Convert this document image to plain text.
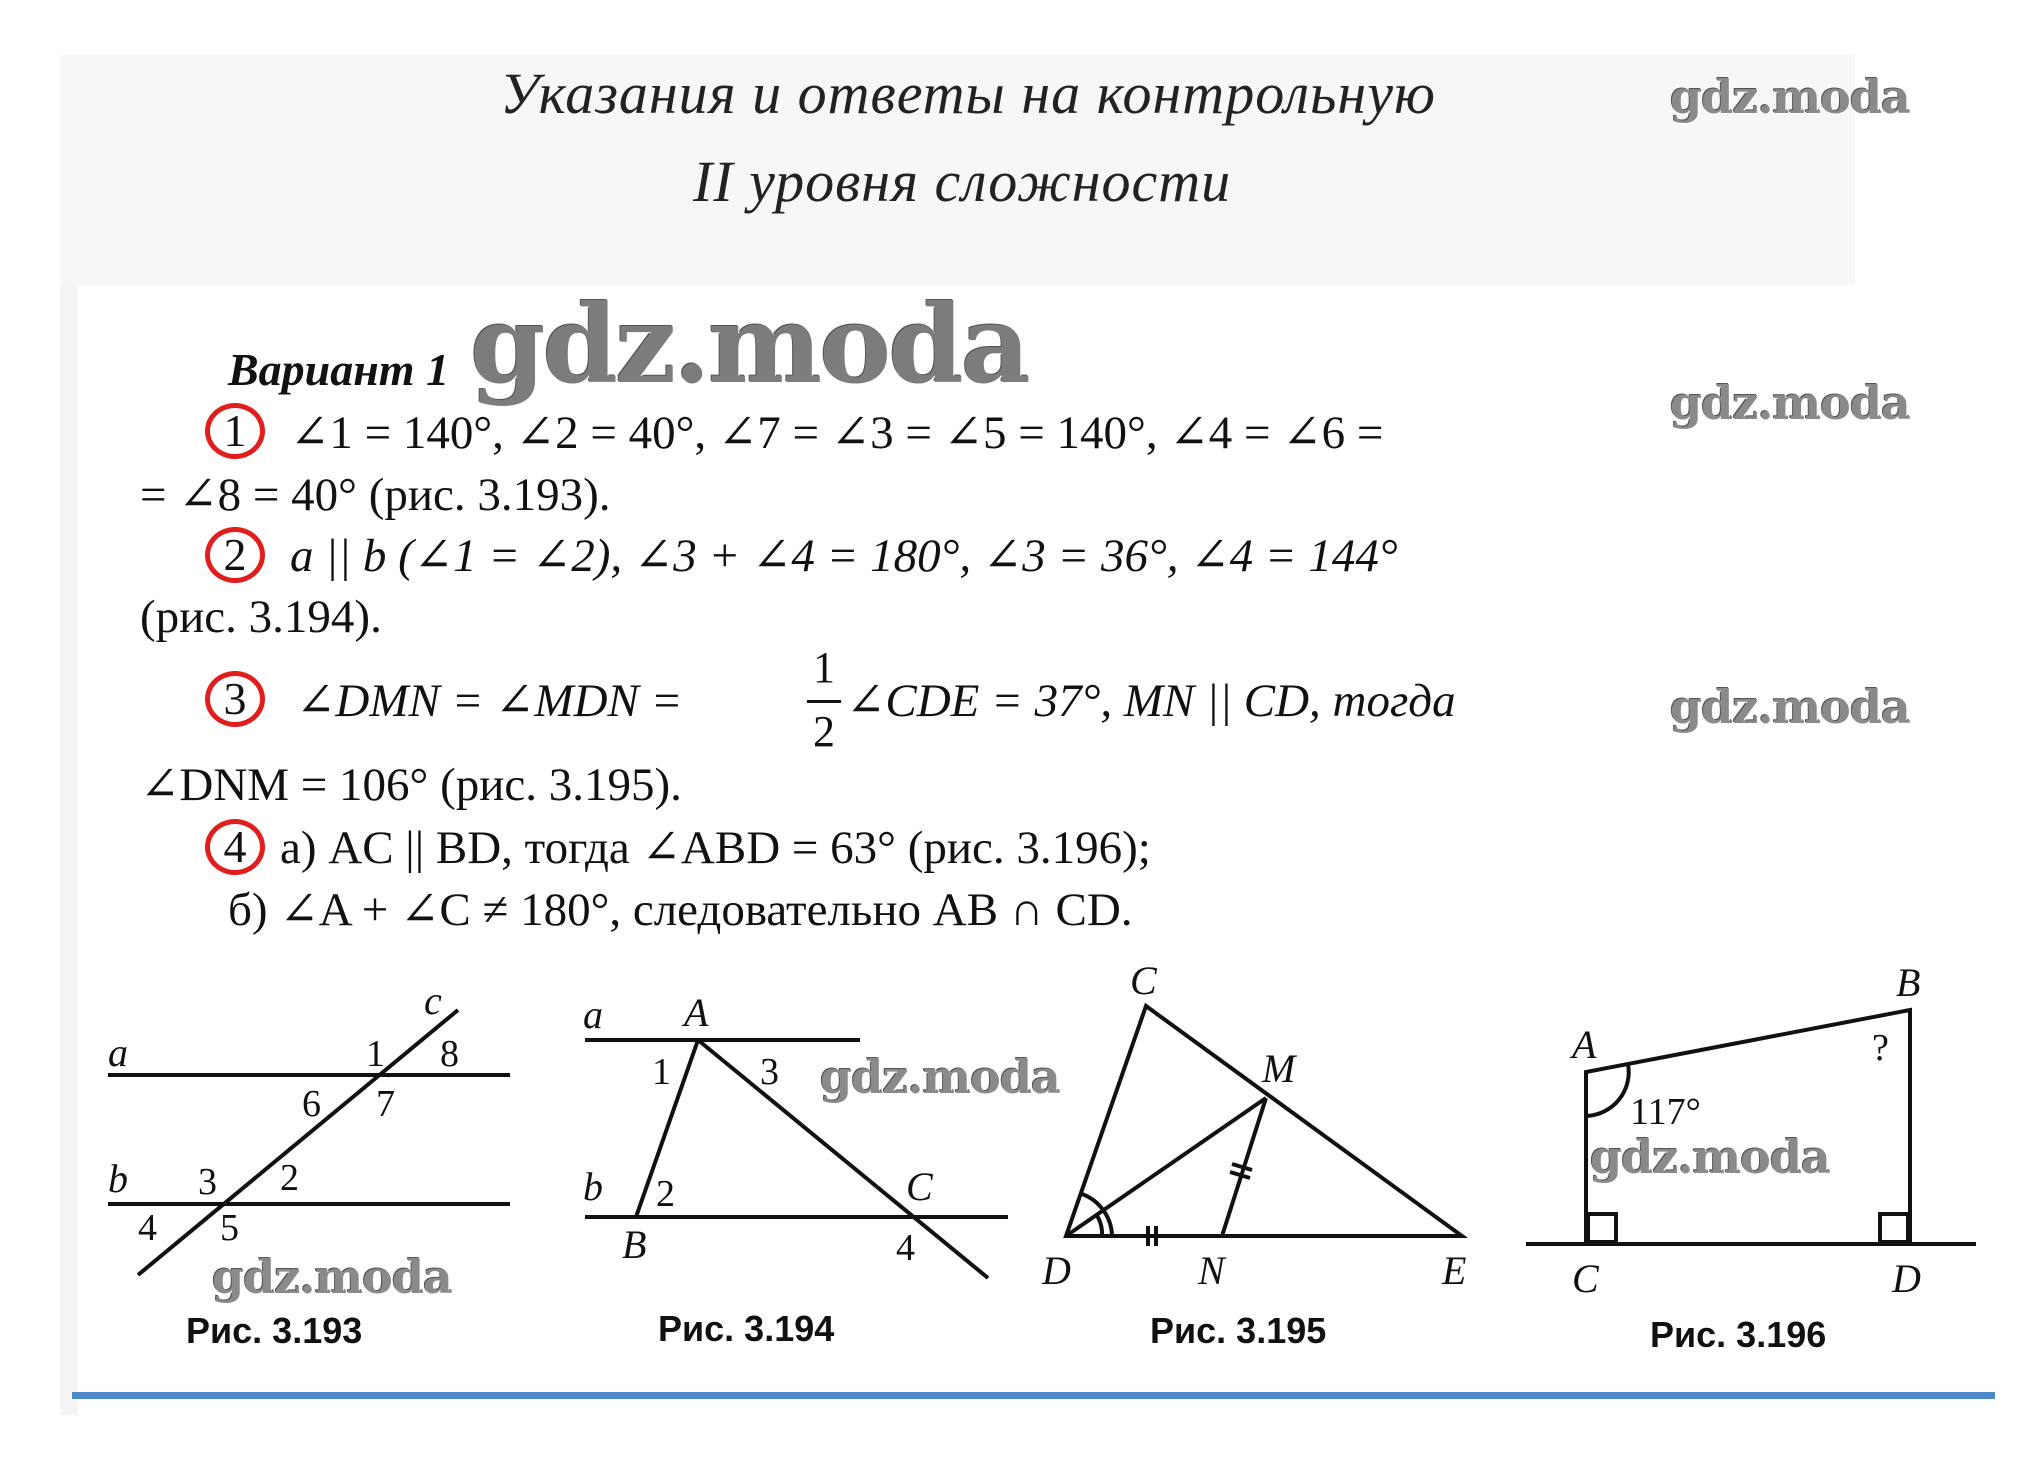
Указания и ответы на контрольную
II уровня сложности
Вариант 1
1 ∠1 = 140°, ∠2 = 40°, ∠7 = ∠3 = ∠5 = 140°, ∠4 = ∠6 =
= ∠8 = 40° (рис. 3.193).
2 a || b (∠1 = ∠2), ∠3 + ∠4 = 180°, ∠3 = 36°, ∠4 = 144°
(рис. 3.194).
3	∠DMN = ∠MDN =
1
2
∠CDE = 37°, MN || CD, тогда
∠DNM = 106° (рис. 3.195).
4 а) AC || BD, тогда ∠ABD = 63° (рис. 3.196);
б) ∠A + ∠C ≠ 180°, следовательно AB ∩ CD.
a
b
c
1 8
6 7
3 2
4 5
a
b
A
B
C
1 3
2
4
C
M
D	N	E
A
B
C	D
117°
?
Рис. 3.193	Рис. 3.194	Рис. 3.195	Рис. 3.196
gdz.moda
gdz.moda	gdz.moda
gdz.moda
gdz.moda
gdz.moda
gdz.moda
